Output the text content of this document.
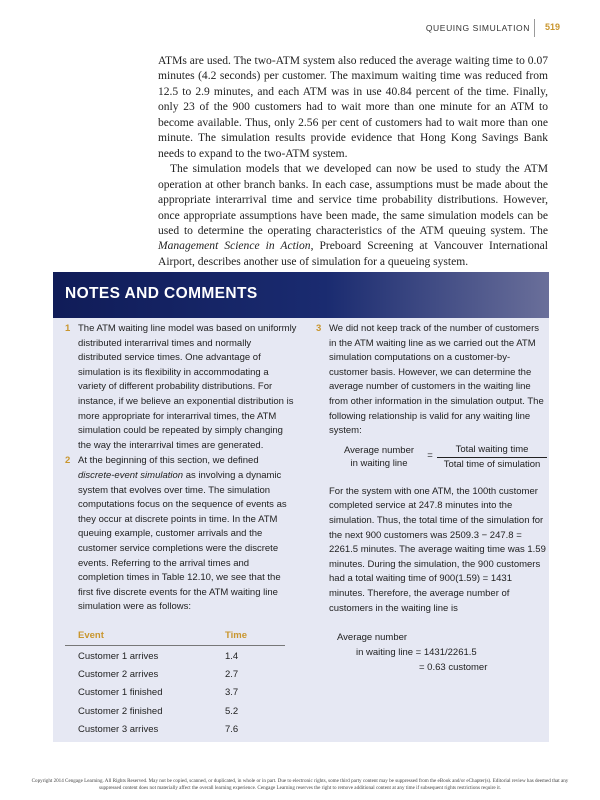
QUEUING SIMULATION 519

ATMs are used. The two-ATM system also reduced the average waiting time to 0.07 minutes (4.2 seconds) per customer. The maximum waiting time was reduced from 12.5 to 2.9 minutes, and each ATM was in use 40.84 percent of the time. Finally, only 23 of the 900 customers had to wait more than one minute for an ATM to become available. Thus, only 2.56 per cent of customers had to wait more than one minute. The simulation results provide evidence that Hong Kong Savings Bank needs to expand to the two-ATM system.

The simulation models that we developed can now be used to study the ATM operation at other branch banks. In each case, assumptions must be made about the appropriate interarrival time and service time probability distributions. However, once appropriate assumptions have been made, the same simulation models can be used to determine the operating characteristics of the ATM queuing system. The Management Science in Action, Preboard Screening at Vancouver International Airport, describes another use of simulation for a queueing system.

NOTES AND COMMENTS
1 The ATM waiting line model was based on uniformly distributed interarrival times and normally distributed service times. One advantage of simulation is its flexibility in accommodating a variety of different probability distributions. For instance, if we believe an exponential distribution is more appropriate for interarrival times, the ATM simulation could be repeated by simply changing the way the interarrival times are generated.
2 At the beginning of this section, we defined discrete-event simulation as involving a dynamic system that evolves over time. The simulation computations focus on the sequence of events as they occur at discrete points in time. In the ATM queuing example, customer arrivals and the customer service completions were the discrete events. Referring to the arrival times and completion times in Table 12.10, we see that the first five discrete events for the ATM waiting line simulation were as follows:
Event	Time
Customer 1 arrives	1.4
Customer 2 arrives	2.7
Customer 1 finished	3.7
Customer 2 finished	5.2
Customer 3 arrives	7.6
3 We did not keep track of the number of customers in the ATM waiting line as we carried out the ATM simulation computations on a customer-by-customer basis. However, we can determine the average number of customers in the waiting line from other information in the simulation output. The following relationship is valid for any waiting line system:
Average number
in waiting line
= $\frac{\text{Total waiting time}}{\text{Total time of simulation}}$
For the system with one ATM, the 100th customer completed service at 247.8 minutes into the simulation. Thus, the total time of the simulation for the next 900 customers was 2509.3 − 247.8 = 2261.5 minutes. The average waiting time was 1.59 minutes. During the simulation, the 900 customers had a total waiting time of 900(1.59) = 1431 minutes. Therefore, the average number of customers in the waiting line is
Average number
in waiting line = 1431/2261.5
= 0.63 customer
Copyright 2014 Cengage Learning. All Rights Reserved. May not be copied, scanned, or duplicated, in whole or in part. Due to electronic rights, some third party content may be suppressed from the eBook and/or eChapter(s). Editorial review has deemed that any suppressed content does not materially affect the overall learning experience. Cengage Learning reserves the right to remove additional content at any time if subsequent rights restrictions require it.
